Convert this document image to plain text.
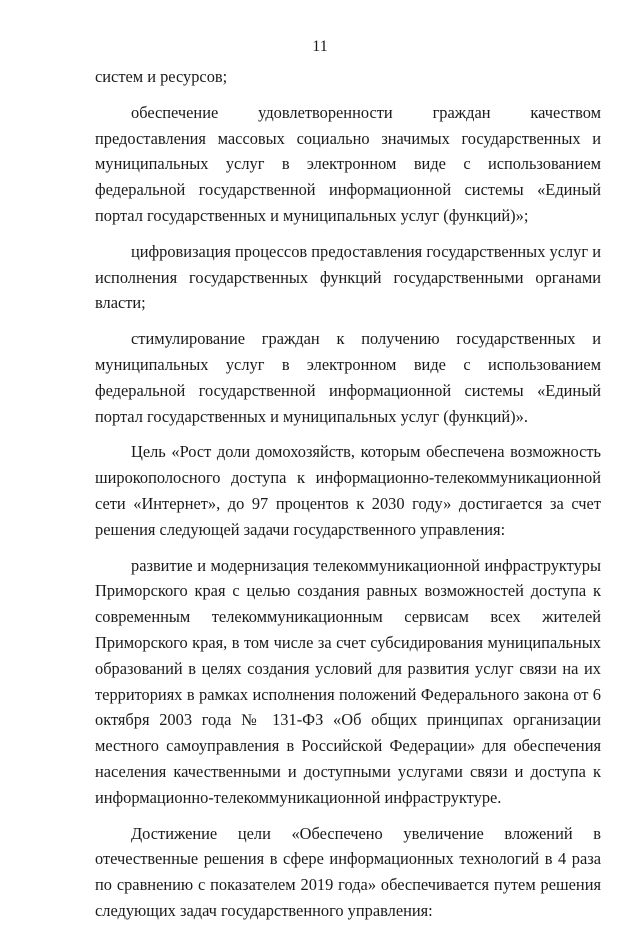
11

систем и ресурсов;

обеспечение удовлетворенности граждан качеством предоставления массовых социально значимых государственных и муниципальных услуг в электронном виде с использованием федеральной государственной информационной системы «Единый портал государственных и муниципальных услуг (функций)»;

цифровизация процессов предоставления государственных услуг и исполнения государственных функций государственными органами власти;

стимулирование граждан к получению государственных и муниципальных услуг в электронном виде с использованием федеральной государственной информационной системы «Единый портал государственных и муниципальных услуг (функций)».

Цель «Рост доли домохозяйств, которым обеспечена возможность широкополосного доступа к информационно-телекоммуникационной сети «Интернет», до 97 процентов к 2030 году» достигается за счет решения следующей задачи государственного управления:

развитие и модернизация телекоммуникационной инфраструктуры Приморского края с целью создания равных возможностей доступа к современным телекоммуникационным сервисам всех жителей Приморского края, в том числе за счет субсидирования муниципальных образований в целях создания условий для развития услуг связи на их территориях в рамках исполнения положений Федерального закона от 6 октября 2003 года № 131-ФЗ «Об общих принципах организации местного самоуправления в Российской Федерации» для обеспечения населения качественными и доступными услугами связи и доступа к информационно-телекоммуникационной инфраструктуре.

Достижение цели «Обеспечено увеличение вложений в отечественные решения в сфере информационных технологий в 4 раза по сравнению с показателем 2019 года» обеспечивается путем решения следующих задач государственного управления:
